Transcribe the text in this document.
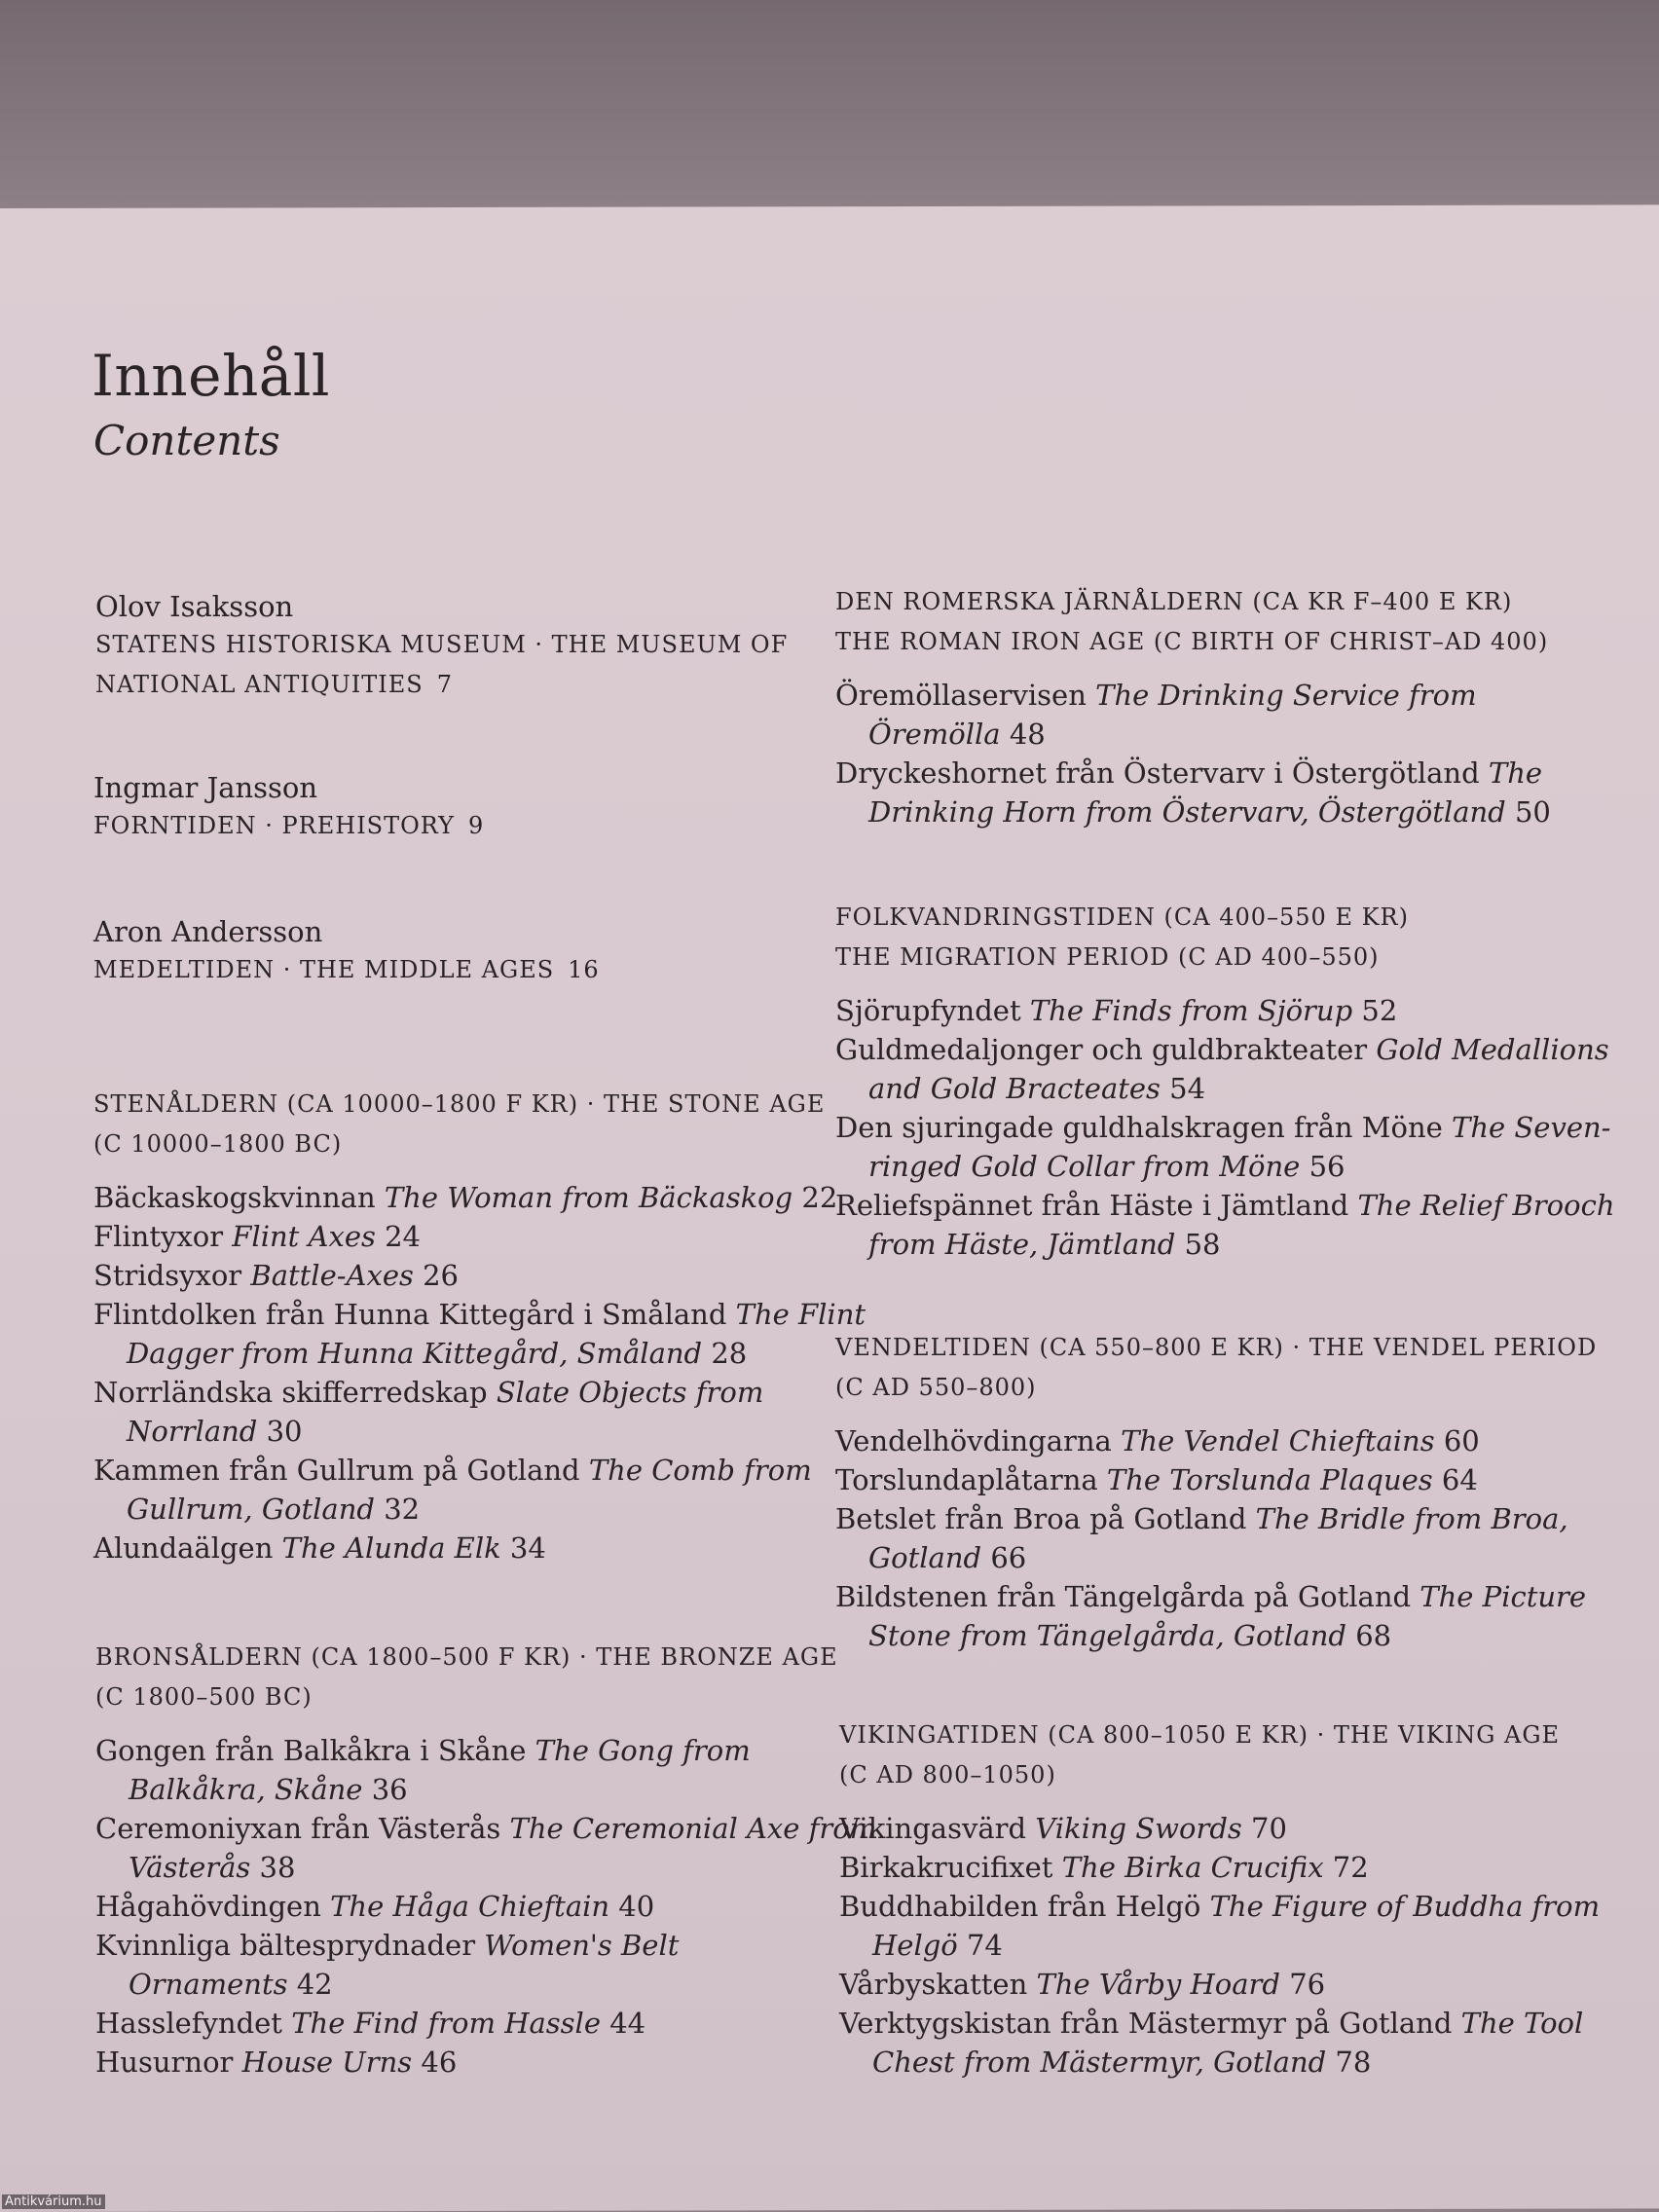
Innehåll
Contents
Olov Isaksson
STATENS HISTORISKA MUSEUM · THE MUSEUM OF
NATIONAL ANTIQUITIES 7
Ingmar Jansson
FORNTIDEN · PREHISTORY 9
Aron Andersson
MEDELTIDEN · THE MIDDLE AGES 16
STENÅLDERN (CA 10000–1800 F KR) · THE STONE AGE
(C 10000–1800 BC)
Bäckaskogskvinnan The Woman from Bäckaskog 22
Flintyxor Flint Axes 24
Stridsyxor Battle-Axes 26
Flintdolken från Hunna Kittegård i Småland The Flint
Dagger from Hunna Kittegård, Småland 28
Norrländska skifferredskap Slate Objects from
Norrland 30
Kammen från Gullrum på Gotland The Comb from
Gullrum, Gotland 32
Alundaälgen The Alunda Elk 34
BRONSÅLDERN (CA 1800–500 F KR) · THE BRONZE AGE
(C 1800–500 BC)
Gongen från Balkåkra i Skåne The Gong from
Balkåkra, Skåne 36
Ceremoniyxan från Västerås The Ceremonial Axe from
Västerås 38
Hågahövdingen The Håga Chieftain 40
Kvinnliga bältesprydnader Women's Belt
Ornaments 42
Hasslefyndet The Find from Hassle 44
Husurnor House Urns 46
DEN ROMERSKA JÄRNÅLDERN (CA KR F–400 E KR)
THE ROMAN IRON AGE (C BIRTH OF CHRIST–AD 400)
Öremöllaservisen The Drinking Service from
Öremölla 48
Dryckeshornet från Östervarv i Östergötland The
Drinking Horn from Östervarv, Östergötland 50
FOLKVANDRINGSTIDEN (CA 400–550 E KR)
THE MIGRATION PERIOD (C AD 400–550)
Sjörupfyndet The Finds from Sjörup 52
Guldmedaljonger och guldbrakteater Gold Medallions
and Gold Bracteates 54
Den sjuringade guldhalskragen från Möne The Seven-
ringed Gold Collar from Möne 56
Reliefspännet från Häste i Jämtland The Relief Brooch
from Häste, Jämtland 58
VENDELTIDEN (CA 550–800 E KR) · THE VENDEL PERIOD
(C AD 550–800)
Vendelhövdingarna The Vendel Chieftains 60
Torslundaplåtarna The Torslunda Plaques 64
Betslet från Broa på Gotland The Bridle from Broa,
Gotland 66
Bildstenen från Tängelgårda på Gotland The Picture
Stone from Tängelgårda, Gotland 68
VIKINGATIDEN (CA 800–1050 E KR) · THE VIKING AGE
(C AD 800–1050)
Vikingasvärd Viking Swords 70
Birkakrucifixet The Birka Crucifix 72
Buddhabilden från Helgö The Figure of Buddha from
Helgö 74
Vårbyskatten The Vårby Hoard 76
Verktygskistan från Mästermyr på Gotland The Tool
Chest from Mästermyr, Gotland 78
Antikvárium.hu
